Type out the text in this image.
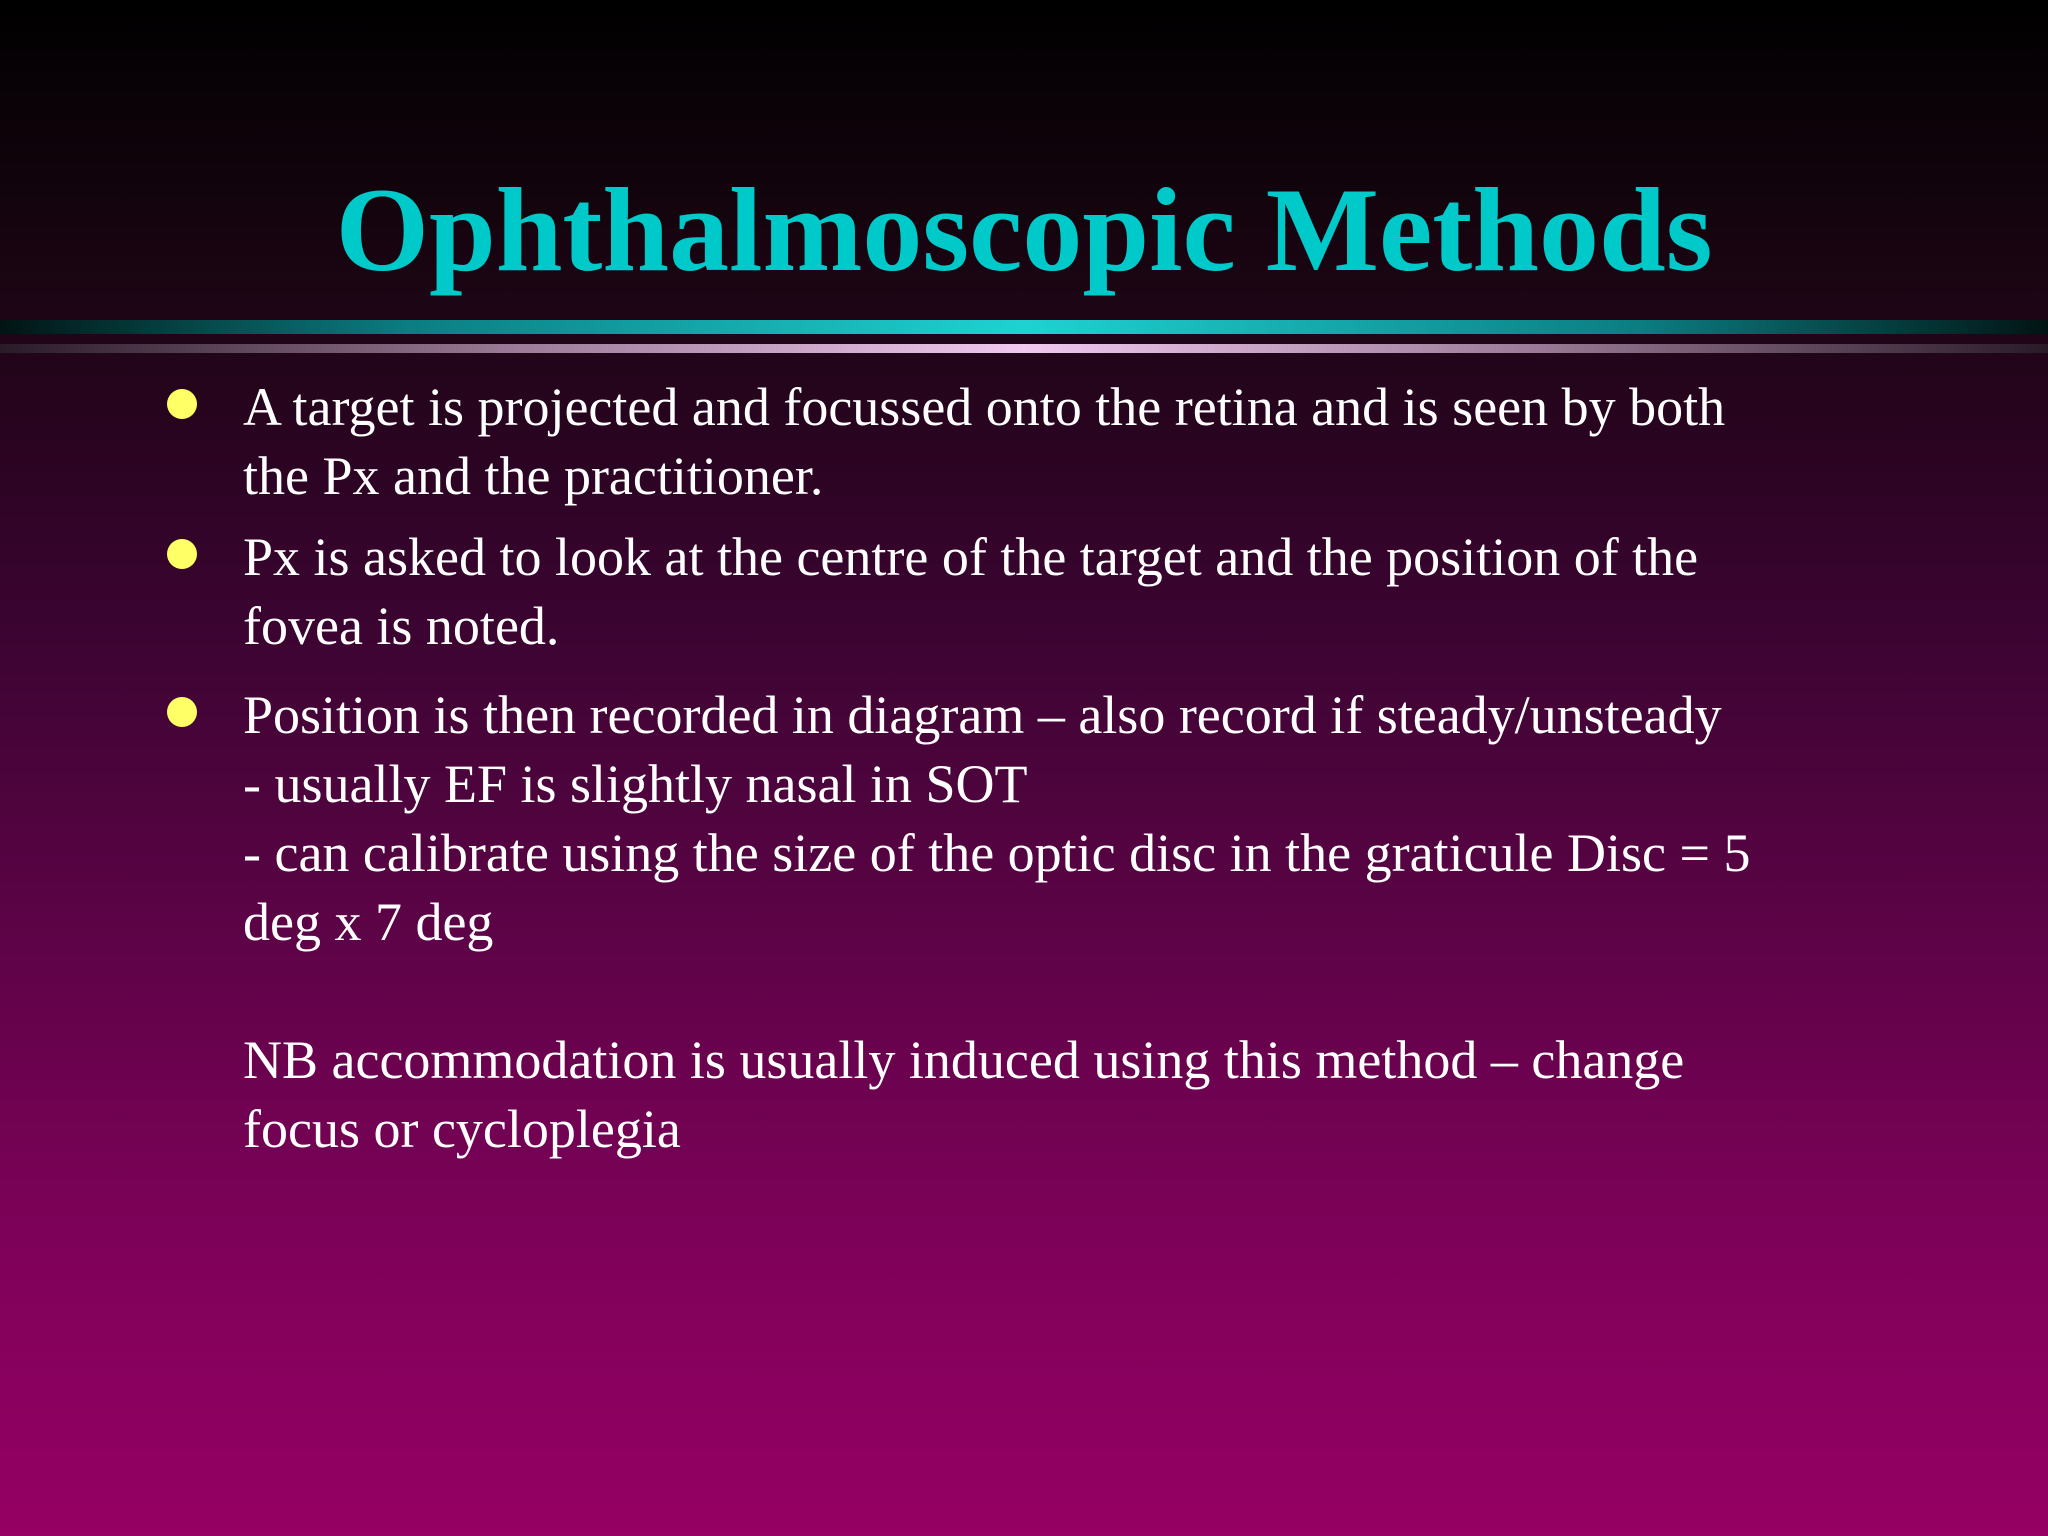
Ophthalmoscopic Methods
A target is projected and focussed onto the retina and is seen by both
the Px and the practitioner.
Px is asked to look at the centre of the target and the position of the
fovea is noted.
Position is then recorded in diagram – also record if steady/unsteady
- usually EF is slightly nasal in SOT
- can calibrate using the size of the optic disc in the graticule Disc = 5
deg x 7 deg
NB accommodation is usually induced using this method – change
focus or cycloplegia
